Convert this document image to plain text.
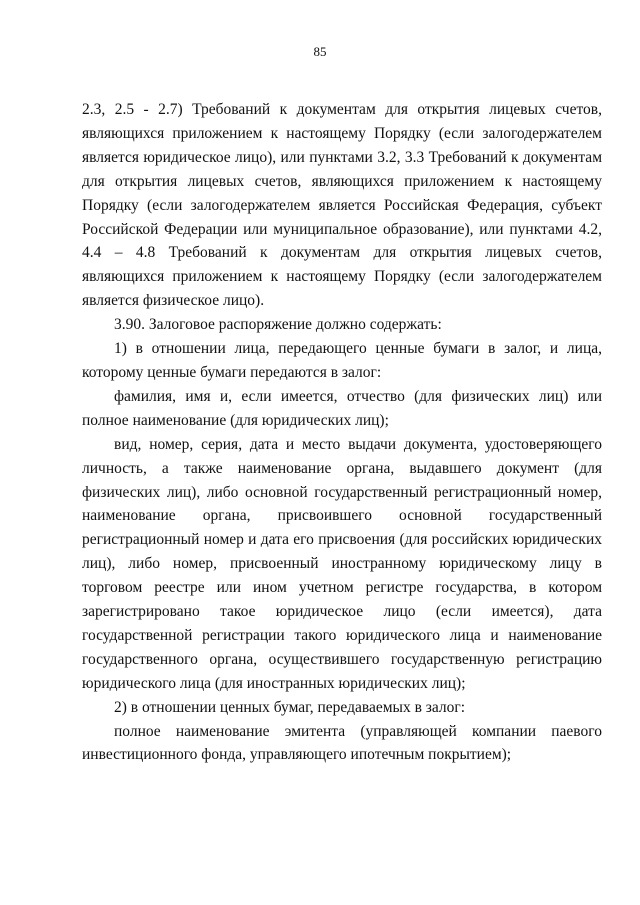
85

2.3, 2.5 - 2.7) Требований к документам для открытия лицевых счетов, являющихся приложением к настоящему Порядку (если залогодержателем является юридическое лицо), или пунктами 3.2, 3.3 Требований к документам для открытия лицевых счетов, являющихся приложением к настоящему Порядку (если залогодержателем является Российская Федерация, субъект Российской Федерации или муниципальное образование), или пунктами 4.2, 4.4 – 4.8 Требований к документам для открытия лицевых счетов, являющихся приложением к настоящему Порядку (если залогодержателем является физическое лицо).

3.90. Залоговое распоряжение должно содержать:

1) в отношении лица, передающего ценные бумаги в залог, и лица, которому ценные бумаги передаются в залог:

фамилия, имя и, если имеется, отчество (для физических лиц) или полное наименование (для юридических лиц);

вид, номер, серия, дата и место выдачи документа, удостоверяющего личность, а также наименование органа, выдавшего документ (для физических лиц), либо основной государственный регистрационный номер, наименование органа, присвоившего основной государственный регистрационный номер и дата его присвоения (для российских юридических лиц), либо номер, присвоенный иностранному юридическому лицу в торговом реестре или ином учетном регистре государства, в котором зарегистрировано такое юридическое лицо (если имеется), дата государственной регистрации такого юридического лица и наименование государственного органа, осуществившего государственную регистрацию юридического лица (для иностранных юридических лиц);

2) в отношении ценных бумаг, передаваемых в залог:

полное наименование эмитента (управляющей компании паевого инвестиционного фонда, управляющего ипотечным покрытием);
